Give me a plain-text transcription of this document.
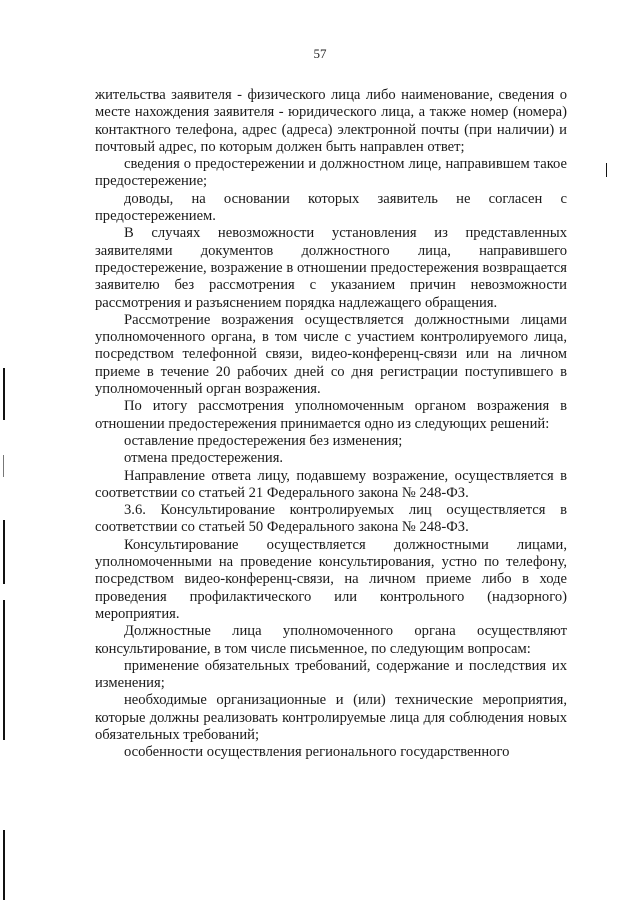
57

жительства заявителя - физического лица либо наименование, сведения о месте нахождения заявителя - юридического лица, а также номер (номера) контактного телефона, адрес (адреса) электронной почты (при наличии) и почтовый адрес, по которым должен быть направлен ответ;

сведения о предостережении и должностном лице, направившем такое предостережение;

доводы, на основании которых заявитель не согласен с предостережением.

В случаях невозможности установления из представленных заявителями документов должностного лица, направившего предостережение, возражение в отношении предостережения возвращается заявителю без рассмотрения с указанием причин невозможности рассмотрения и разъяснением порядка надлежащего обращения.

Рассмотрение возражения осуществляется должностными лицами уполномоченного органа, в том числе с участием контролируемого лица, посредством телефонной связи, видео-конференц-связи или на личном приеме в течение 20 рабочих дней со дня регистрации поступившего в уполномоченный орган возражения.

По итогу рассмотрения уполномоченным органом возражения в отношении предостережения принимается одно из следующих решений:

оставление предостережения без изменения;

отмена предостережения.

Направление ответа лицу, подавшему возражение, осуществляется в соответствии со статьей 21 Федерального закона № 248-ФЗ.

3.6. Консультирование контролируемых лиц осуществляется в соответствии со статьей 50 Федерального закона № 248-ФЗ.

Консультирование осуществляется должностными лицами, уполномоченными на проведение консультирования, устно по телефону, посредством видео-конференц-связи, на личном приеме либо в ходе проведения профилактического или контрольного (надзорного) мероприятия.

Должностные лица уполномоченного органа осуществляют консультирование, в том числе письменное, по следующим вопросам:

применение обязательных требований, содержание и последствия их изменения;

необходимые организационные и (или) технические мероприятия, которые должны реализовать контролируемые лица для соблюдения новых обязательных требований;

особенности осуществления регионального государственного
